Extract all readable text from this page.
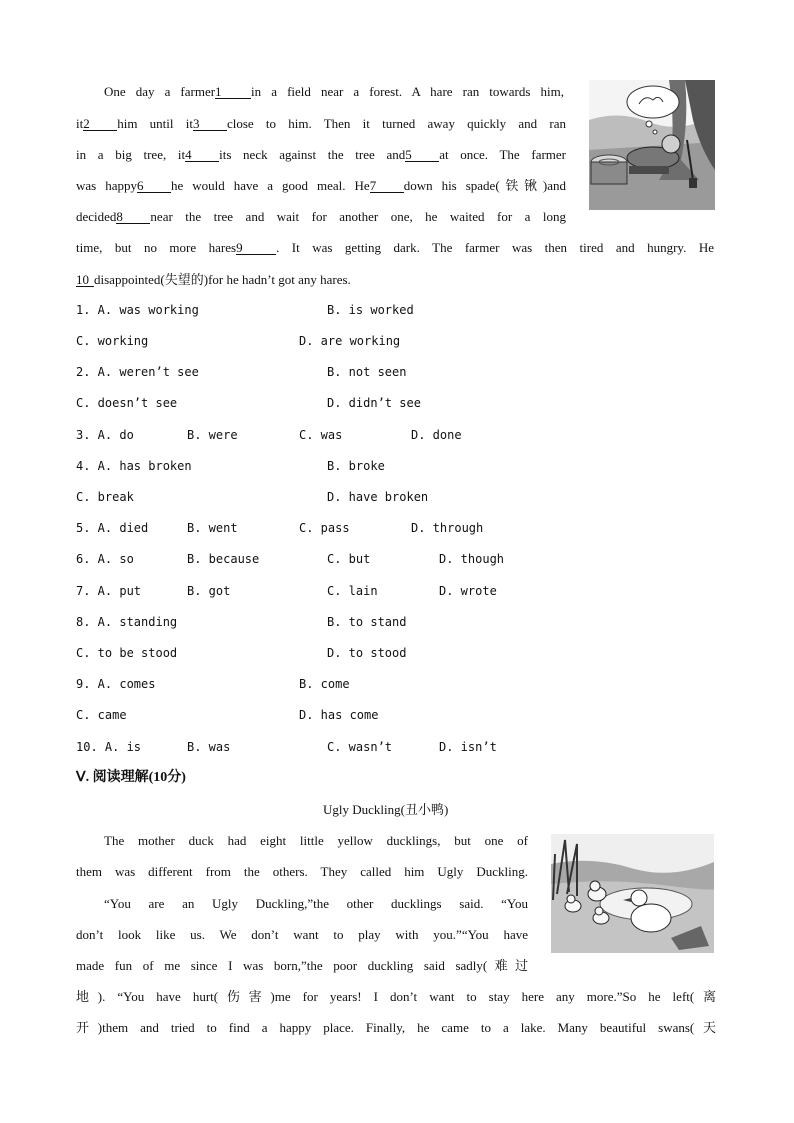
One day a farmer1 in a field near a forest. A hare ran towards him,
it2 him until it3 close to him. Then it turned away quickly and ran
in a big tree, it4 its neck against the tree and5 at once. The farmer
was happy6 he would have a good meal. He7 down his spade(铁锹)and
decided8 near the tree and wait for another one, he waited for a long
time, but no more hares9	. It was getting dark. The farmer was then tired and hungry. He
10 disappointed(失望的)for he hadn’t got any hares.
1. A. was working	B. is worked
C. working	D. are working
2. A. weren’t see	B. not seen
C. doesn’t see	D. didn’t see
3. A. do	B. were	C. was	D. done
4. A. has broken	B. broke
C. break	D. have broken
5. A. died	B. went	C. pass	D. through
6. A. so	B. because	C. but	D. though
7. A. put	B. got	C. lain	D. wrote
8. A. standing	B. to stand
C. to be stood	D. to stood
9. A. comes	B. come
C. came	D. has come
10. A. is	B. was	C. wasn’t	D. isn’t
Ⅴ. 阅读理解(10分)
Ugly Duckling(丑小鸭)
The mother duck had eight little yellow ducklings, but one of
them was different from the others. They called him Ugly Duckling.
“You are an Ugly Duckling,”the other ducklings said. “You
don’t look like us. We don’t want to play with you.”“You have
made fun of me since I was born,”the poor duckling said sadly(难过
地). “You have hurt(伤害)me for years! I don’t want to stay here any more.”So he left(离
开)them and tried to find a happy place. Finally, he came to a lake. Many beautiful swans(天
